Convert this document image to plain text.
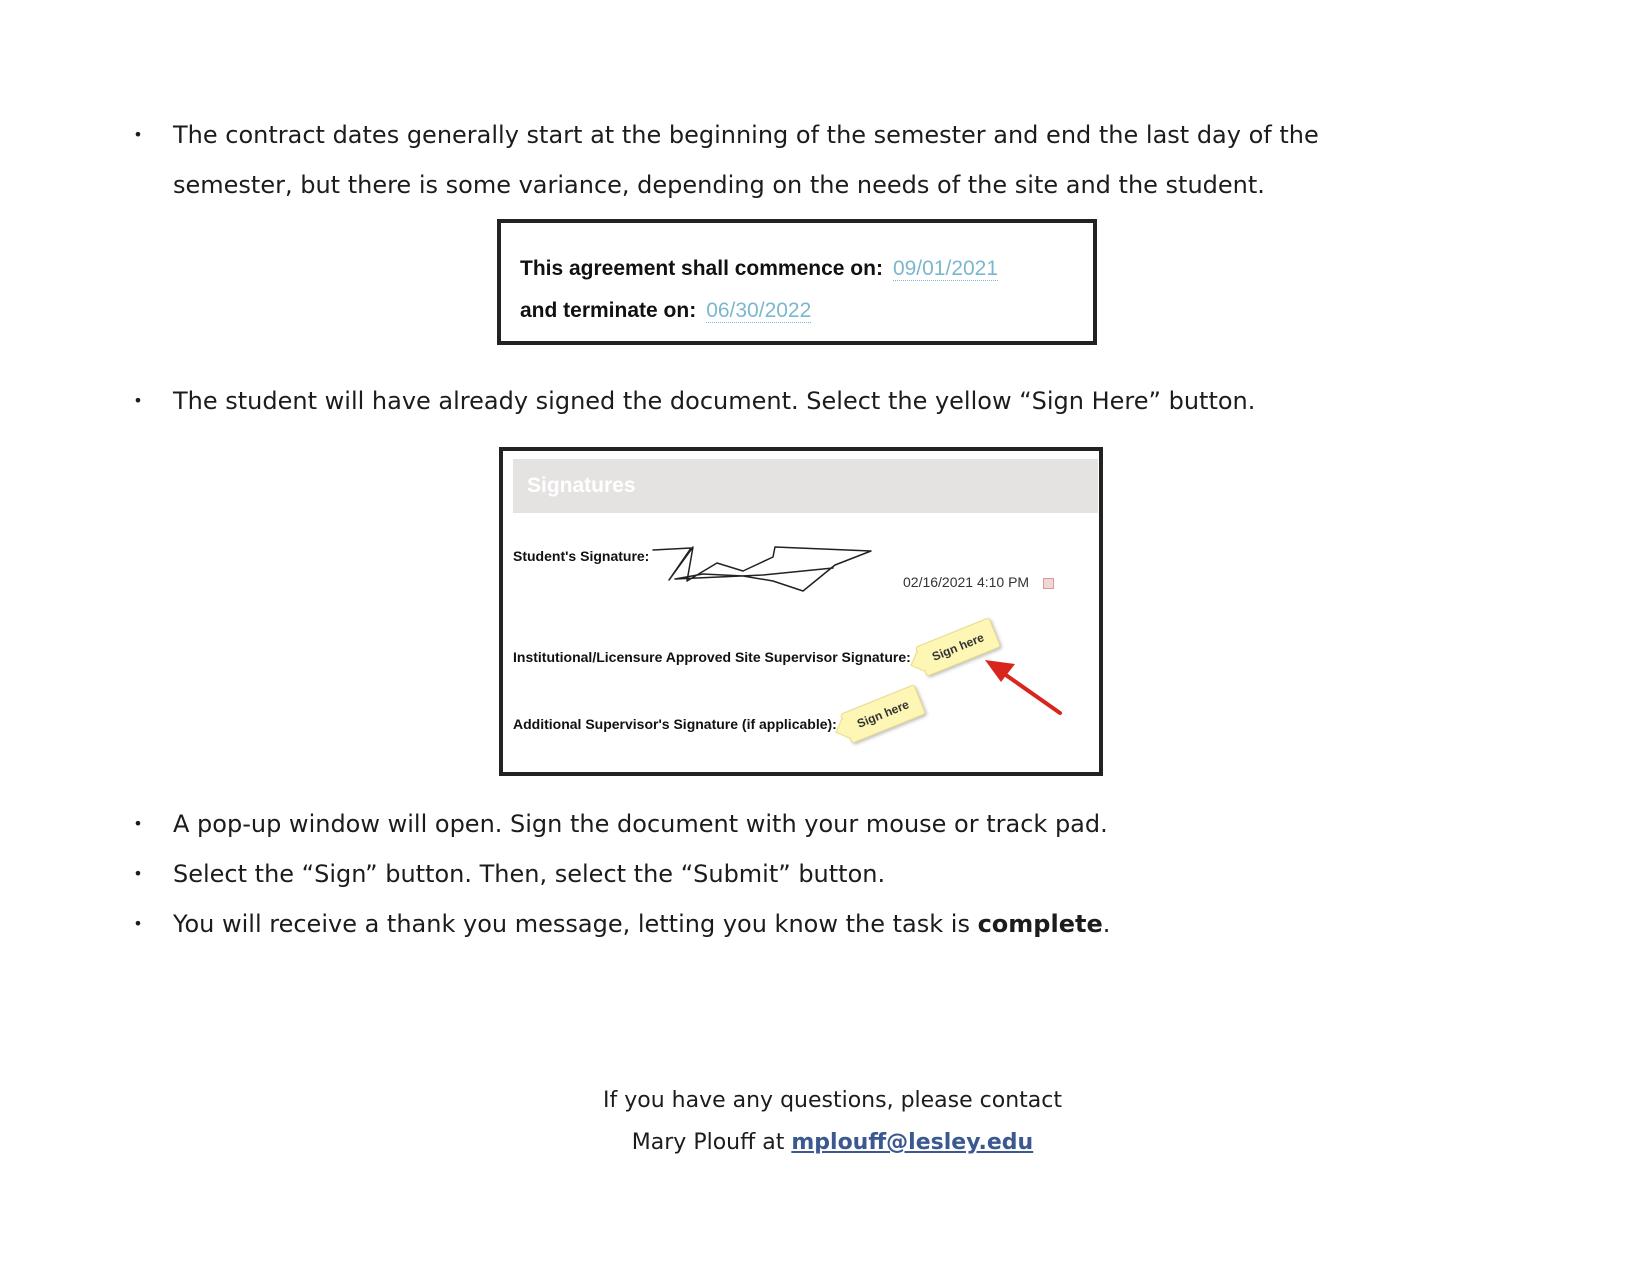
• The contract dates generally start at the beginning of the semester and end the last day of the
semester, but there is some variance, depending on the needs of the site and the student.
This agreement shall commence on: 09/01/2021
and terminate on: 06/30/2022
• The student will have already signed the document. Select the yellow “Sign Here” button.
Signatures
Student's Signature:
02/16/2021 4:10 PM
Institutional/Licensure Approved Site Supervisor Signature:	Sign here
Additional Supervisor's Signature (if applicable):	Sign here
• A pop-up window will open. Sign the document with your mouse or track pad.
• Select the “Sign” button. Then, select the “Submit” button.
• You will receive a thank you message, letting you know the task is complete.
If you have any questions, please contact
Mary Plouff at mplouff@lesley.edu
